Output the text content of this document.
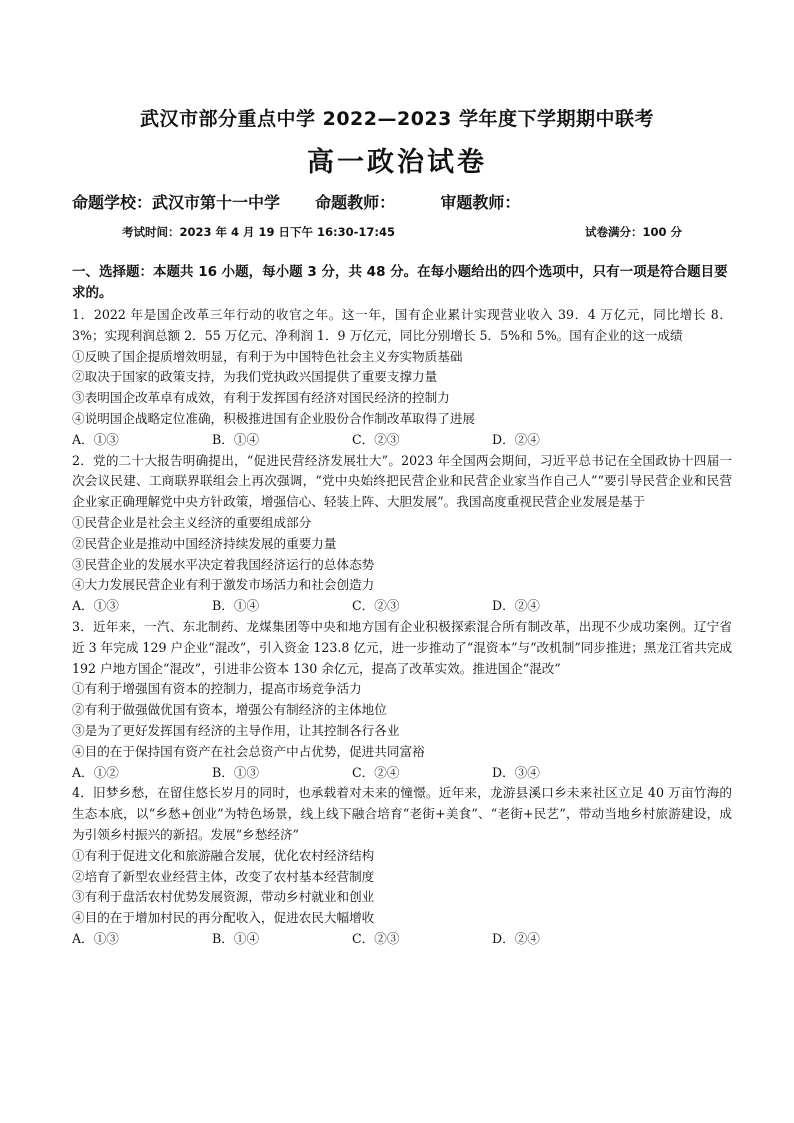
武汉市部分重点中学 2022—2023 学年度下学期期中联考
高一政治试卷
命题学校：武汉市第十一中学 命题教师：	审题教师：
考试时间：2023 年 4 月 19 日下午 16:30-17:45	试卷满分：100 分
一、选择题：本题共 16 小题，每小题 3 分，共 48 分。在每小题给出的四个选项中，只有一项是符合题目要求的。
1．2022 年是国企改革三年行动的收官之年。这一年，国有企业累计实现营业收入 39．4 万亿元，同比增长 8．3%；实现利润总额 2．55 万亿元、净利润 1．9 万亿元，同比分别增长 5．5%和 5%。国有企业的这一成绩
①反映了国企提质增效明显，有利于为中国特色社会主义夯实物质基础
②取决于国家的政策支持，为我们党执政兴国提供了重要支撑力量
③表明国企改革卓有成效，有利于发挥国有经济对国民经济的控制力
④说明国企战略定位准确，积极推进国有企业股份合作制改革取得了进展
A．①③	B．①④	C．②③	D．②④
2．党的二十大报告明确提出，“促进民营经济发展壮大”。2023 年全国两会期间，习近平总书记在全国政协十四届一次会议民建、工商联界联组会上再次强调，“党中央始终把民营企业和民营企业家当作自己人”“要引导民营企业和民营企业家正确理解党中央方针政策，增强信心、轻装上阵、大胆发展”。我国高度重视民营企业发展是基于
①民营企业是社会主义经济的重要组成部分
②民营企业是推动中国经济持续发展的重要力量
③民营企业的发展水平决定着我国经济运行的总体态势
④大力发展民营企业有利于激发市场活力和社会创造力
A．①③	B．①④	C．②③	D．②④
3．近年来，一汽、东北制药、龙煤集团等中央和地方国有企业积极探索混合所有制改革，出现不少成功案例。辽宁省近 3 年完成 129 户企业“混改”，引入资金 123.8 亿元，进一步推动了“混资本”与“改机制”同步推进；黑龙江省共完成 192 户地方国企“混改”，引进非公资本 130 余亿元，提高了改革实效。推进国企“混改”
①有利于增强国有资本的控制力，提高市场竞争活力
②有利于做强做优国有资本，增强公有制经济的主体地位
③是为了更好发挥国有经济的主导作用，让其控制各行各业
④目的在于保持国有资产在社会总资产中占优势，促进共同富裕
A．①②	B．①③	C．②④	D．③④
4．旧梦乡愁，在留住悠长岁月的同时，也承载着对未来的憧憬。近年来，龙游县溪口乡未来社区立足 40 万亩竹海的生态本底，以“乡愁+创业”为特色场景，线上线下融合培育“老街+美食”、“老街+民艺”，带动当地乡村旅游建设，成为引领乡村振兴的新招。发展“乡愁经济”
①有利于促进文化和旅游融合发展，优化农村经济结构
②培育了新型农业经营主体，改变了农村基本经营制度
③有利于盘活农村优势发展资源，带动乡村就业和创业
④目的在于增加村民的再分配收入，促进农民大幅增收
A．①③	B．①④	C．②③	D．②④
